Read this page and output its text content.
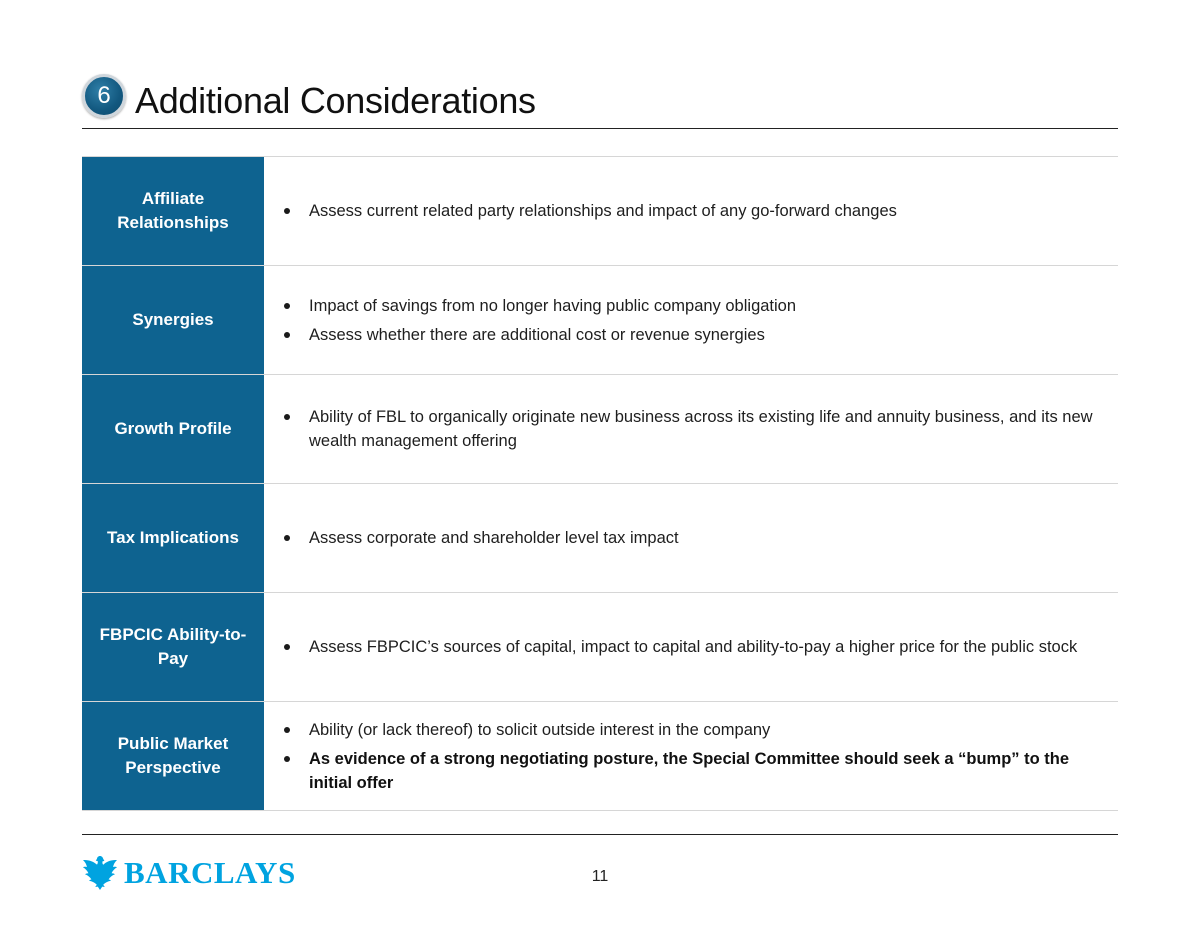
6 Additional Considerations
Affiliate Relationships
Assess current related party relationships and impact of any go-forward changes
Synergies
Impact of savings from no longer having public company obligation
Assess whether there are additional cost or revenue synergies
Growth Profile
Ability of FBL to organically originate new business across its existing life and annuity business, and its new wealth management offering
Tax Implications	Assess corporate and shareholder level tax impact
FBPCIC Ability-to-Pay
Assess FBPCIC’s sources of capital, impact to capital and ability-to-pay a higher price for the public stock
Public Market Perspective
Ability (or lack thereof) to solicit outside interest in the company
As evidence of a strong negotiating posture, the Special Committee should seek a “bump” to the initial offer
BARCLAYS	11
